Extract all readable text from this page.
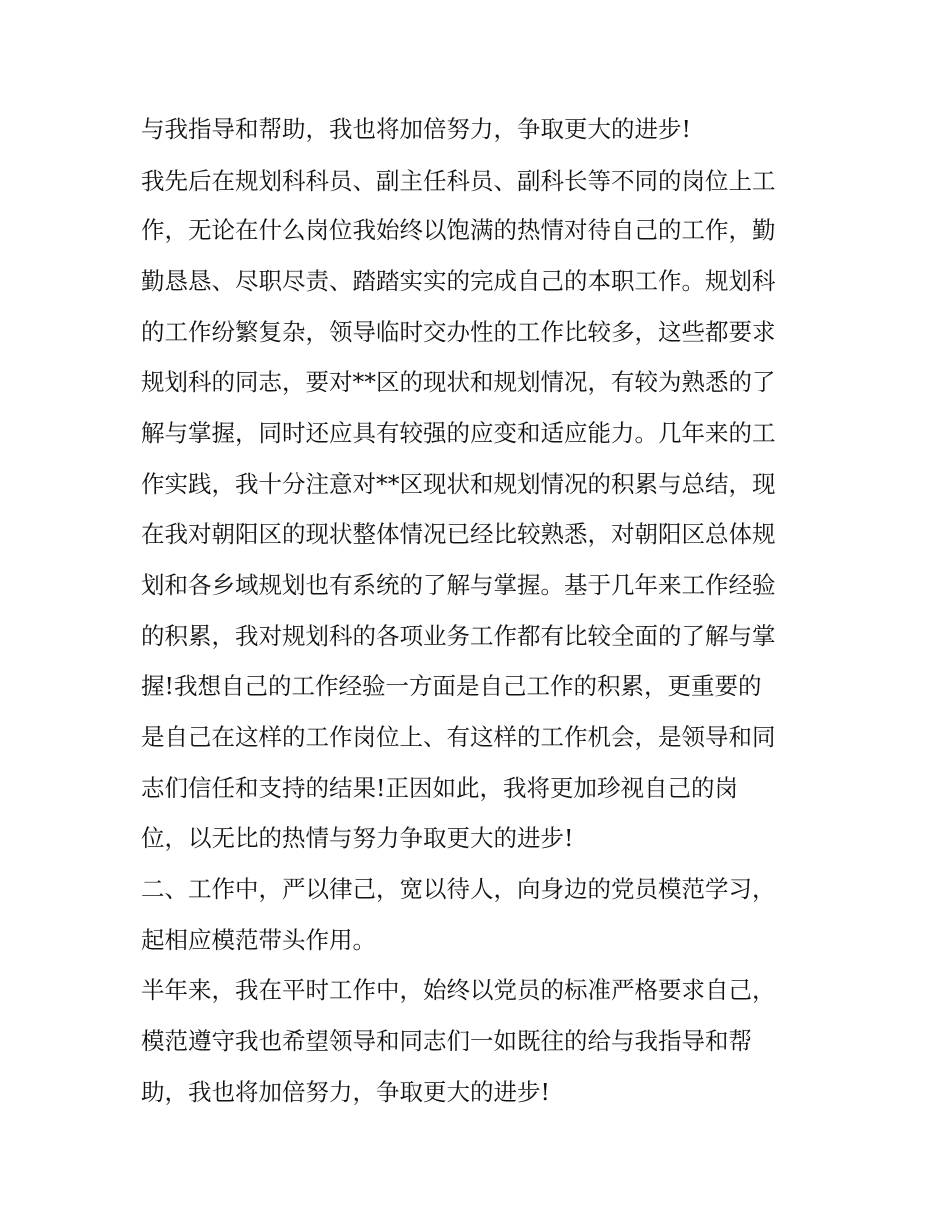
与我指导和帮助，我也将加倍努力，争取更大的进步!

我先后在规划科科员、副主任科员、副科长等不同的岗位上工

作，无论在什么岗位我始终以饱满的热情对待自己的工作，勤

勤恳恳、尽职尽责、踏踏实实的完成自己的本职工作。规划科

的工作纷繁复杂，领导临时交办性的工作比较多，这些都要求

规划科的同志，要对**区的现状和规划情况，有较为熟悉的了

解与掌握，同时还应具有较强的应变和适应能力。几年来的工

作实践，我十分注意对**区现状和规划情况的积累与总结，现

在我对朝阳区的现状整体情况已经比较熟悉，对朝阳区总体规

划和各乡域规划也有系统的了解与掌握。基于几年来工作经验

的积累，我对规划科的各项业务工作都有比较全面的了解与掌

握!我想自己的工作经验一方面是自己工作的积累，更重要的

是自己在这样的工作岗位上、有这样的工作机会，是领导和同

志们信任和支持的结果!正因如此，我将更加珍视自己的岗

位，以无比的热情与努力争取更大的进步!

二、工作中，严以律己，宽以待人，向身边的党员模范学习，

起相应模范带头作用。

半年来，我在平时工作中，始终以党员的标准严格要求自己，

模范遵守我也希望领导和同志们一如既往的给与我指导和帮

助，我也将加倍努力，争取更大的进步!
